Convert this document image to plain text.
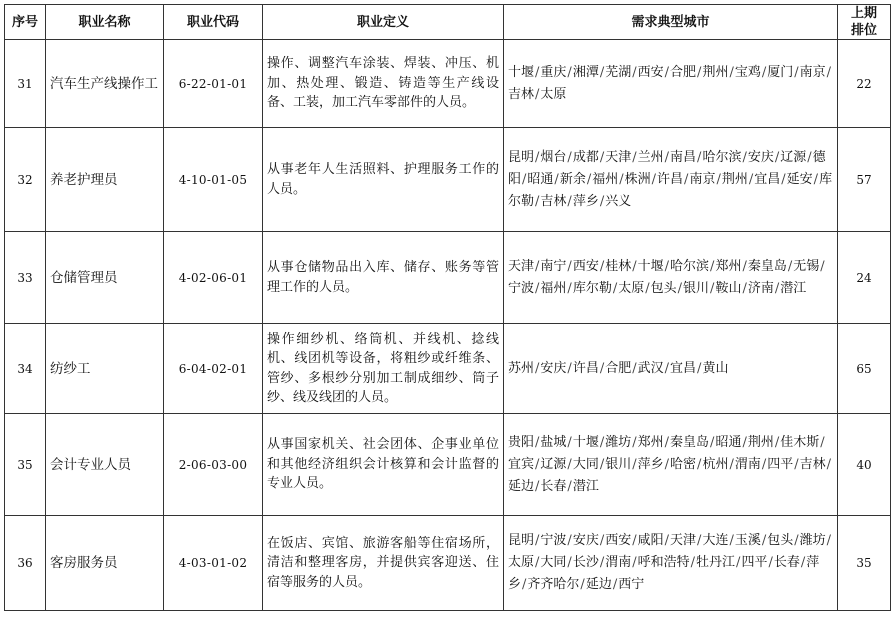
序号	职业名称	职业代码	职业定义	需求典型城市	上期排位
31	汽车生产线操作工	6-22-01-01	操作、调整汽车涂装、焊装、冲压、机加、热处理、锻造、铸造等生产线设备、工装，加工汽车零部件的人员。	十堰/重庆/湘潭/芜湖/西安/合肥/荆州/宝鸡/厦门/南京/吉林/太原	22
32	养老护理员	4-10-01-05	从事老年人生活照料、护理服务工作的人员。	昆明/烟台/成都/天津/兰州/南昌/哈尔滨/安庆/辽源/德阳/昭通/新余/福州/株洲/许昌/南京/荆州/宜昌/延安/库尔勒/吉林/萍乡/兴义	57
33	仓储管理员	4-02-06-01	从事仓储物品出入库、储存、账务等管理工作的人员。	天津/南宁/西安/桂林/十堰/哈尔滨/郑州/秦皇岛/无锡/宁波/福州/库尔勒/太原/包头/银川/鞍山/济南/潜江	24
34	纺纱工	6-04-02-01	操作细纱机、络筒机、并线机、捻线机、线团机等设备，将粗纱或纤维条、管纱、多根纱分别加工制成细纱、筒子纱、线及线团的人员。	苏州/安庆/许昌/合肥/武汉/宜昌/黄山	65
35	会计专业人员	2-06-03-00	从事国家机关、社会团体、企事业单位和其他经济组织会计核算和会计监督的专业人员。	贵阳/盐城/十堰/潍坊/郑州/秦皇岛/昭通/荆州/佳木斯/宜宾/辽源/大同/银川/萍乡/哈密/杭州/渭南/四平/吉林/延边/长春/潜江	40
36	客房服务员	4-03-01-02	在饭店、宾馆、旅游客船等住宿场所，清洁和整理客房，并提供宾客迎送、住宿等服务的人员。	昆明/宁波/安庆/西安/咸阳/天津/大连/玉溪/包头/潍坊/太原/大同/长沙/渭南/呼和浩特/牡丹江/四平/长春/萍乡/齐齐哈尔/延边/西宁	35
